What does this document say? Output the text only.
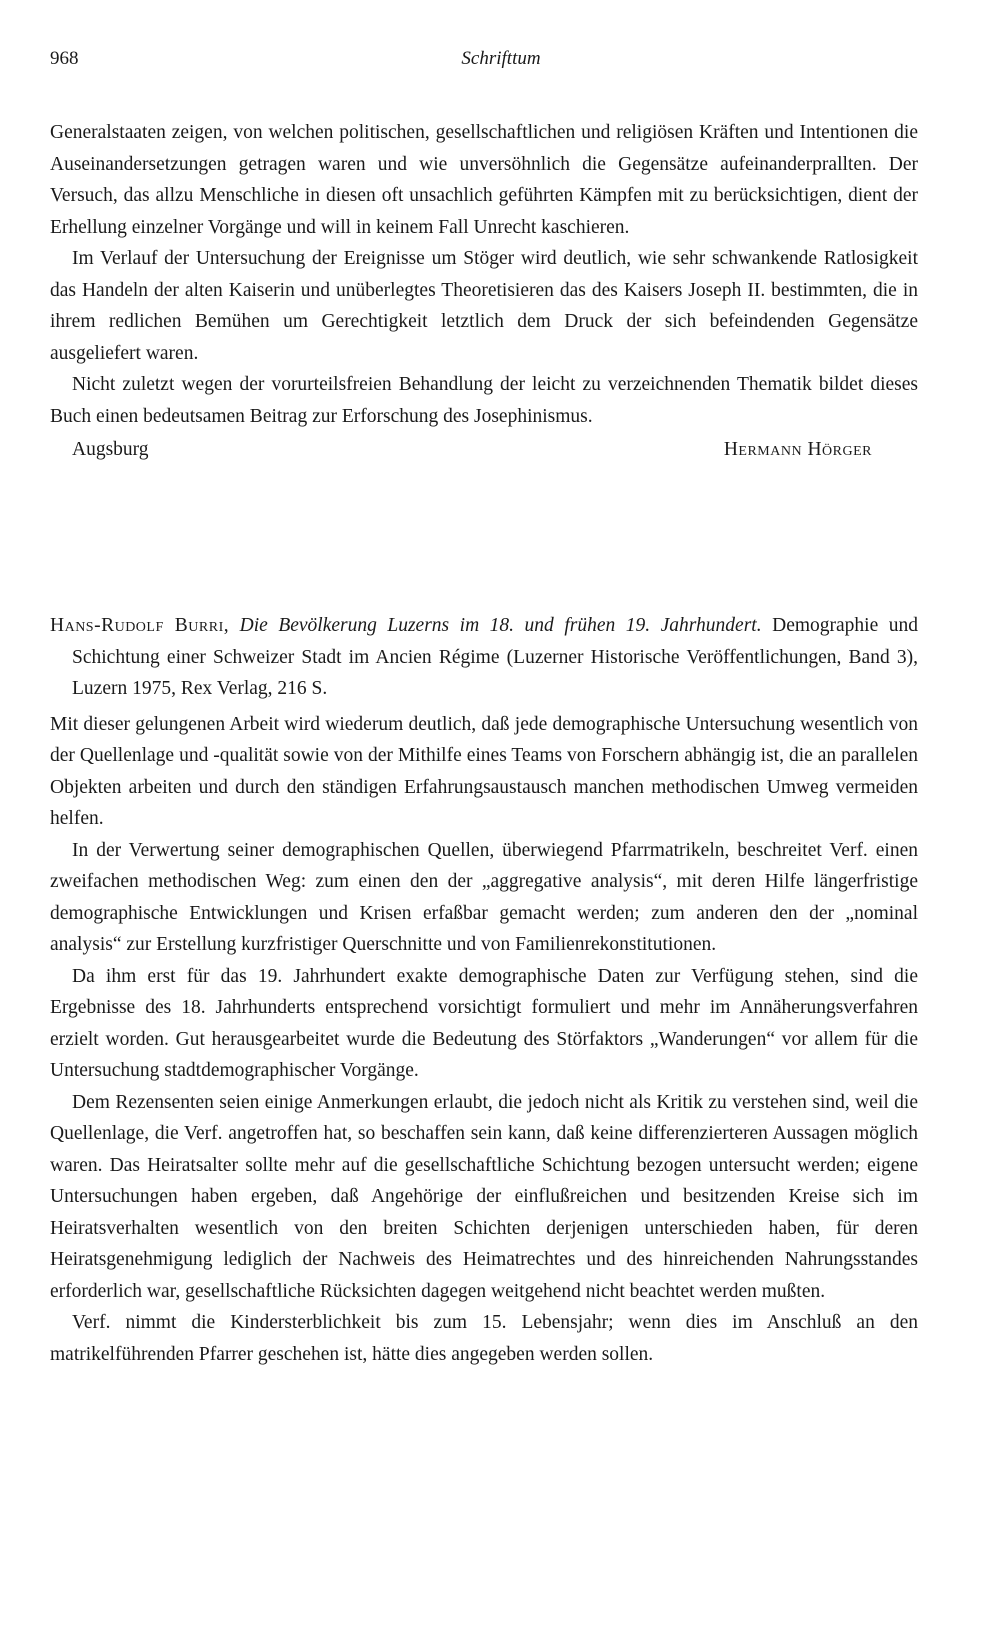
968	Schrifttum

Generalstaaten zeigen, von welchen politischen, gesellschaftlichen und religiösen Kräften und Intentionen die Auseinandersetzungen getragen waren und wie unversöhnlich die Gegensätze aufeinanderprallten. Der Versuch, das allzu Menschliche in diesen oft unsachlich geführten Kämpfen mit zu berücksichtigen, dient der Erhellung einzelner Vorgänge und will in keinem Fall Unrecht kaschieren.

Im Verlauf der Untersuchung der Ereignisse um Stöger wird deutlich, wie sehr schwankende Ratlosigkeit das Handeln der alten Kaiserin und unüberlegtes Theoretisieren das des Kaisers Joseph II. bestimmten, die in ihrem redlichen Bemühen um Gerechtigkeit letztlich dem Druck der sich befeindenden Gegensätze ausgeliefert waren.

Nicht zuletzt wegen der vorurteilsfreien Behandlung der leicht zu verzeichnenden Thematik bildet dieses Buch einen bedeutsamen Beitrag zur Erforschung des Josephinismus.

Augsburg	Hermann Hörger

Hans-Rudolf Burri, Die Bevölkerung Luzerns im 18. und frühen 19. Jahrhundert. Demographie und Schichtung einer Schweizer Stadt im Ancien Régime (Luzerner Historische Veröffentlichungen, Band 3), Luzern 1975, Rex Verlag, 216 S.

Mit dieser gelungenen Arbeit wird wiederum deutlich, daß jede demographische Untersuchung wesentlich von der Quellenlage und -qualität sowie von der Mithilfe eines Teams von Forschern abhängig ist, die an parallelen Objekten arbeiten und durch den ständigen Erfahrungsaustausch manchen methodischen Umweg vermeiden helfen.

In der Verwertung seiner demographischen Quellen, überwiegend Pfarrmatrikeln, beschreitet Verf. einen zweifachen methodischen Weg: zum einen den der „aggregative analysis“, mit deren Hilfe längerfristige demographische Entwicklungen und Krisen erfaßbar gemacht werden; zum anderen den der „nominal analysis“ zur Erstellung kurzfristiger Querschnitte und von Familienrekonstitutionen.

Da ihm erst für das 19. Jahrhundert exakte demographische Daten zur Verfügung stehen, sind die Ergebnisse des 18. Jahrhunderts entsprechend vorsichtigt formuliert und mehr im Annäherungsverfahren erzielt worden. Gut herausgearbeitet wurde die Bedeutung des Störfaktors „Wanderungen“ vor allem für die Untersuchung stadtdemographischer Vorgänge.

Dem Rezensenten seien einige Anmerkungen erlaubt, die jedoch nicht als Kritik zu verstehen sind, weil die Quellenlage, die Verf. angetroffen hat, so beschaffen sein kann, daß keine differenzierteren Aussagen möglich waren. Das Heiratsalter sollte mehr auf die gesellschaftliche Schichtung bezogen untersucht werden; eigene Untersuchungen haben ergeben, daß Angehörige der einflußreichen und besitzenden Kreise sich im Heiratsverhalten wesentlich von den breiten Schichten derjenigen unterschieden haben, für deren Heiratsgenehmigung lediglich der Nachweis des Heimatrechtes und des hinreichenden Nahrungsstandes erforderlich war, gesellschaftliche Rücksichten dagegen weitgehend nicht beachtet werden mußten.

Verf. nimmt die Kindersterblichkeit bis zum 15. Lebensjahr; wenn dies im Anschluß an den matrikelführenden Pfarrer geschehen ist, hätte dies angegeben werden sollen.
